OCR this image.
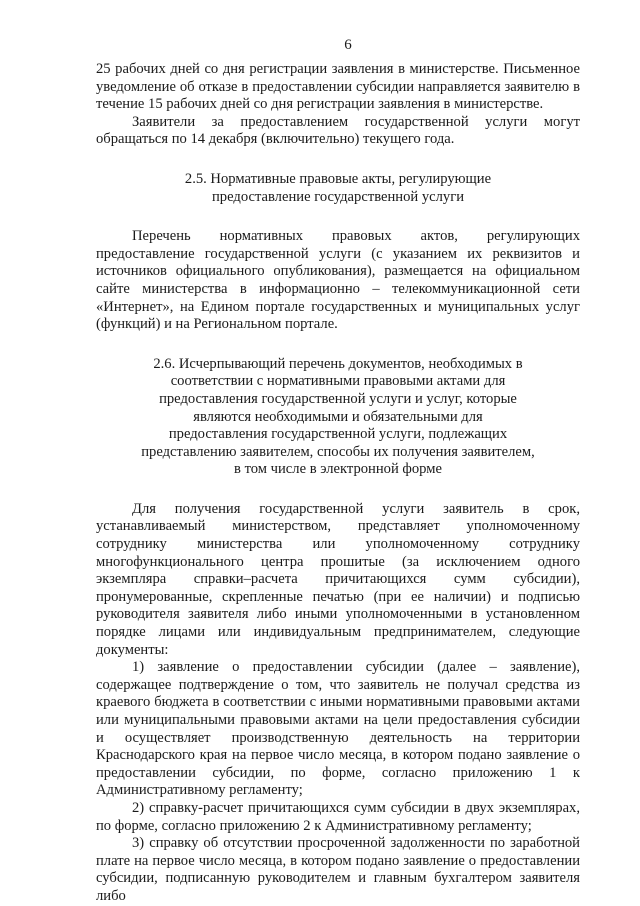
6

25 рабочих дней со дня регистрации заявления в министерстве. Письменное уведомление об отказе в предоставлении субсидии направляется заявителю в течение 15 рабочих дней со дня регистрации заявления в министерстве.

Заявители за предоставлением государственной услуги могут обращаться по 14 декабря (включительно) текущего года.

2.5. Нормативные правовые акты, регулирующие

предоставление государственной услуги

Перечень нормативных правовых актов, регулирующих предоставление государственной услуги (с указанием их реквизитов и источников официального опубликования), размещается на официальном сайте министерства в информационно – телекоммуникационной сети «Интернет», на Едином портале государственных и муниципальных услуг (функций) и на Региональном портале.

2.6. Исчерпывающий перечень документов, необходимых в

соответствии с нормативными правовыми актами для

предоставления государственной услуги и услуг, которые

являются необходимыми и обязательными для

предоставления государственной услуги, подлежащих

представлению заявителем, способы их получения заявителем,

в том числе в электронной форме

Для получения государственной услуги заявитель в срок, устанавливаемый министерством, представляет уполномоченному сотруднику министерства или уполномоченному сотруднику многофункционального центра прошитые (за исключением одного экземпляра справки–расчета причитающихся сумм субсидии), пронумерованные, скрепленные печатью (при ее наличии) и подписью руководителя заявителя либо иными уполномоченными в установленном порядке лицами или индивидуальным предпринимателем, следующие документы:

1) заявление о предоставлении субсидии (далее – заявление), содержащее подтверждение о том, что заявитель не получал средства из краевого бюджета в соответствии с иными нормативными правовыми актами или муниципальными правовыми актами на цели предоставления субсидии и осуществляет производственную деятельность на территории Краснодарского края на первое число месяца, в котором подано заявление о предоставлении субсидии, по форме, согласно приложению 1 к Административному регламенту;

2) справку-расчет причитающихся сумм субсидии в двух экземплярах, по форме, согласно приложению 2 к Административному регламенту;

3) справку об отсутствии просроченной задолженности по заработной плате на первое число месяца, в котором подано заявление о предоставлении субсидии, подписанную руководителем и главным бухгалтером заявителя либо
